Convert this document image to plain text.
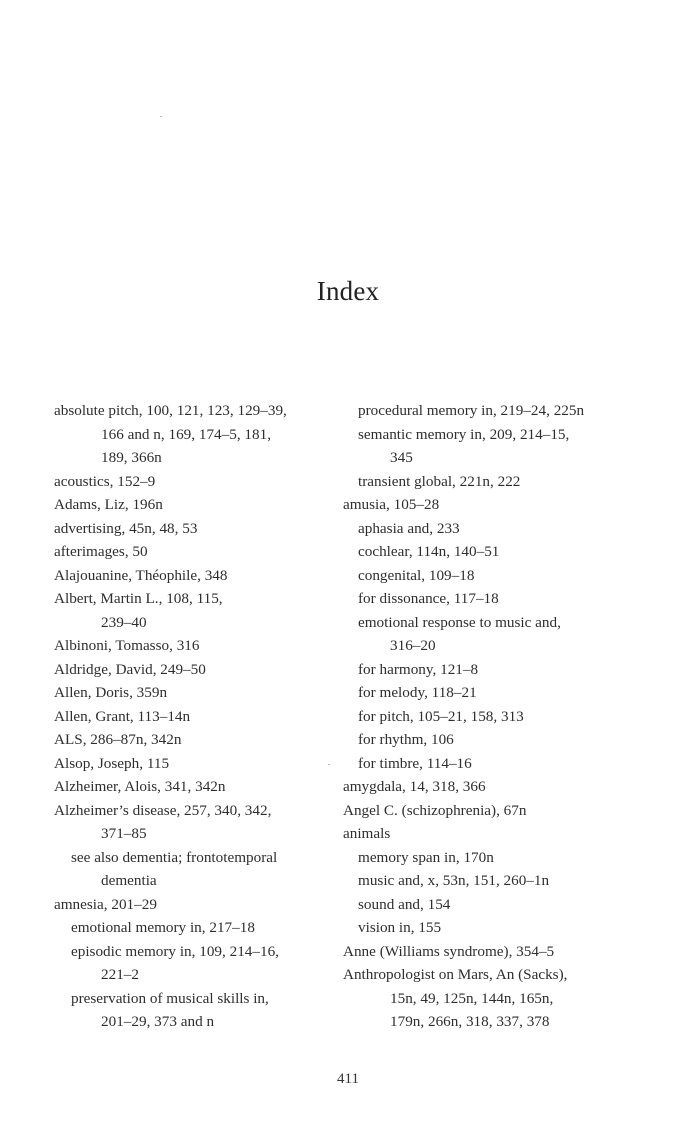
Index
absolute pitch, 100, 121, 123, 129–39,
166 and n, 169, 174–5, 181,
189, 366n
acoustics, 152–9
Adams, Liz, 196n
advertising, 45n, 48, 53
afterimages, 50
Alajouanine, Théophile, 348
Albert, Martin L., 108, 115,
239–40
Albinoni, Tomasso, 316
Aldridge, David, 249–50
Allen, Doris, 359n
Allen, Grant, 113–14n
ALS, 286–87n, 342n
Alsop, Joseph, 115
Alzheimer, Alois, 341, 342n
Alzheimer’s disease, 257, 340, 342,
371–85
see also dementia; frontotemporal
dementia
amnesia, 201–29
emotional memory in, 217–18
episodic memory in, 109, 214–16,
221–2
preservation of musical skills in,
201–29, 373 and n
procedural memory in, 219–24, 225n
semantic memory in, 209, 214–15,
345
transient global, 221n, 222
amusia, 105–28
aphasia and, 233
cochlear, 114n, 140–51
congenital, 109–18
for dissonance, 117–18
emotional response to music and,
316–20
for harmony, 121–8
for melody, 118–21
for pitch, 105–21, 158, 313
for rhythm, 106
for timbre, 114–16
amygdala, 14, 318, 366
Angel C. (schizophrenia), 67n
animals
memory span in, 170n
music and, x, 53n, 151, 260–1n
sound and, 154
vision in, 155
Anne (Williams syndrome), 354–5
Anthropologist on Mars, An (Sacks),
15n, 49, 125n, 144n, 165n,
179n, 266n, 318, 337, 378
411
